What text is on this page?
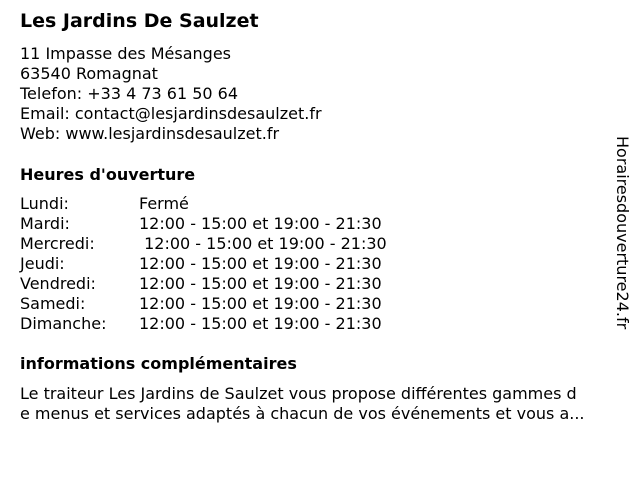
Les Jardins De Saulzet
11 Impasse des Mésanges
63540 Romagnat
Telefon: +33 4 73 61 50 64
Email: contact@lesjardinsdesaulzet.fr
Web: www.lesjardinsdesaulzet.fr
Heures d'ouverture
Lundi:	Fermé
Mardi:	12:00 - 15:00 et 19:00 - 21:30
Mercredi:	12:00 - 15:00 et 19:00 - 21:30
Jeudi:	12:00 - 15:00 et 19:00 - 21:30
Vendredi:	12:00 - 15:00 et 19:00 - 21:30
Samedi:	12:00 - 15:00 et 19:00 - 21:30
Dimanche:	12:00 - 15:00 et 19:00 - 21:30
informations complémentaires
Le traiteur Les Jardins de Saulzet vous propose différentes gammes d
e menus et services adaptés à chacun de vos événements et vous a...
Horairesdouverture24.fr
